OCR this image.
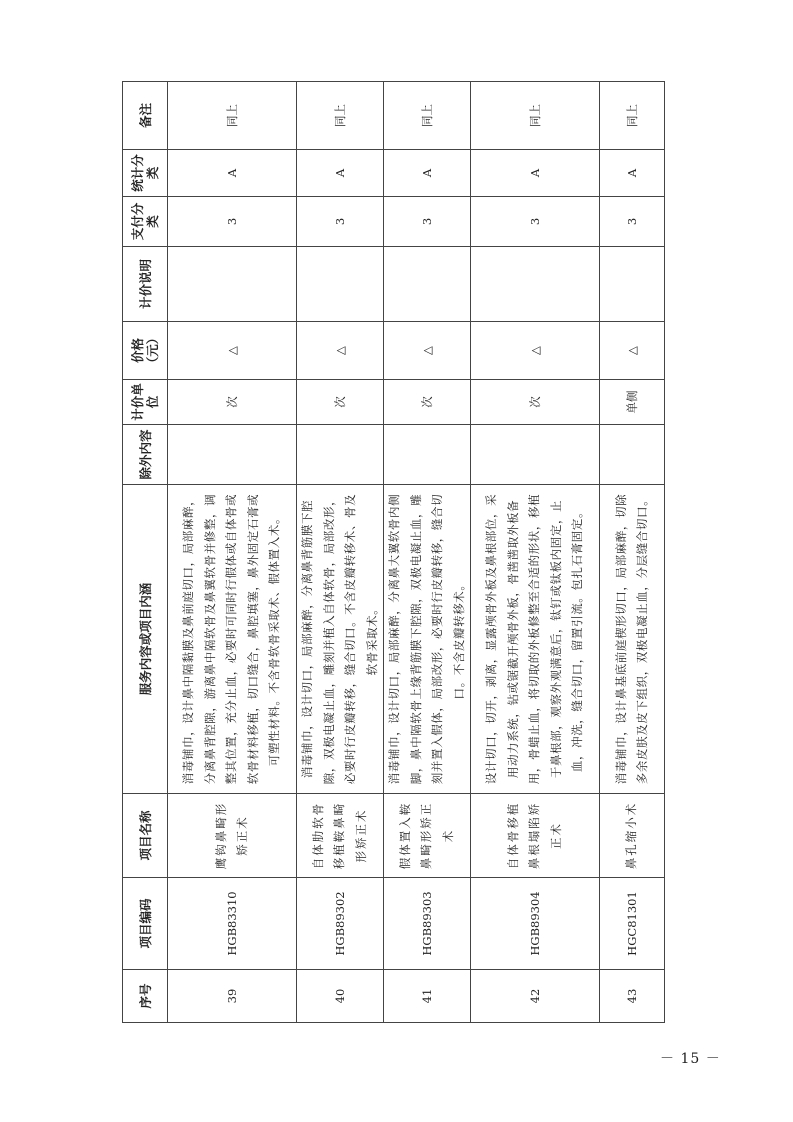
序号	项目编码	项目名称	服务内容或项目内涵	除外内容	计价单位	价格（元）	计价说明	支付分类	统计分类	备注
39	HGB83310	鹰钩鼻畸形矫正术	消毒铺巾，设计鼻中隔黏膜及鼻前庭切口，局部麻醉，分离鼻背腔隙，游离鼻中隔软骨及鼻翼软骨并修整，调整其位置，充分止血，必要时可同时行假体或自体骨或软骨材料移植，切口缝合，鼻腔填塞，鼻外固定石膏或可塑性材料。不含骨软骨采取术、假体置入术。		次	△		3	A	同上
40	HGB89302	自体肋软骨移植鞍鼻畸形矫正术	消毒铺巾，设计切口，局部麻醉，分离鼻背筋膜下腔隙，双极电凝止血，雕刻并植入自体软骨，局部改形，必要时行皮瓣转移，缝合切口。不含皮瓣转移术、骨及软骨采取术。		次	△		3	A	同上
41	HGB89303	假体置入鞍鼻畸形矫正术	消毒铺巾，设计切口，局部麻醉，分离鼻大翼软骨内侧脚，鼻中隔软骨上缘背筋膜下腔隙，双极电凝止血，雕刻并置入假体，局部改形，必要时行皮瓣转移，缝合切口。不含皮瓣转移术。		次	△		3	A	同上
42	HGB89304	自体骨移植鼻根塌陷矫正术	设计切口，切开，剥离，显露颅骨外板及鼻根部位，采用动力系统，钻或锯截开颅骨外板，骨凿凿取外板备用，骨蜡止血，将切取的外板修整至合适的形状，移植于鼻根部，观察外观满意后，钛钉或钛板内固定，止血，冲洗，缝合切口，留置引流。包扎石膏固定。		次	△		3	A	同上
43	HGC81301	鼻孔缩小术	消毒铺巾，设计鼻基底前庭楔形切口，局部麻醉，切除多余皮肤及皮下组织，双极电凝止血，分层缝合切口。		单侧	△		3	A	同上
－ 15 －
